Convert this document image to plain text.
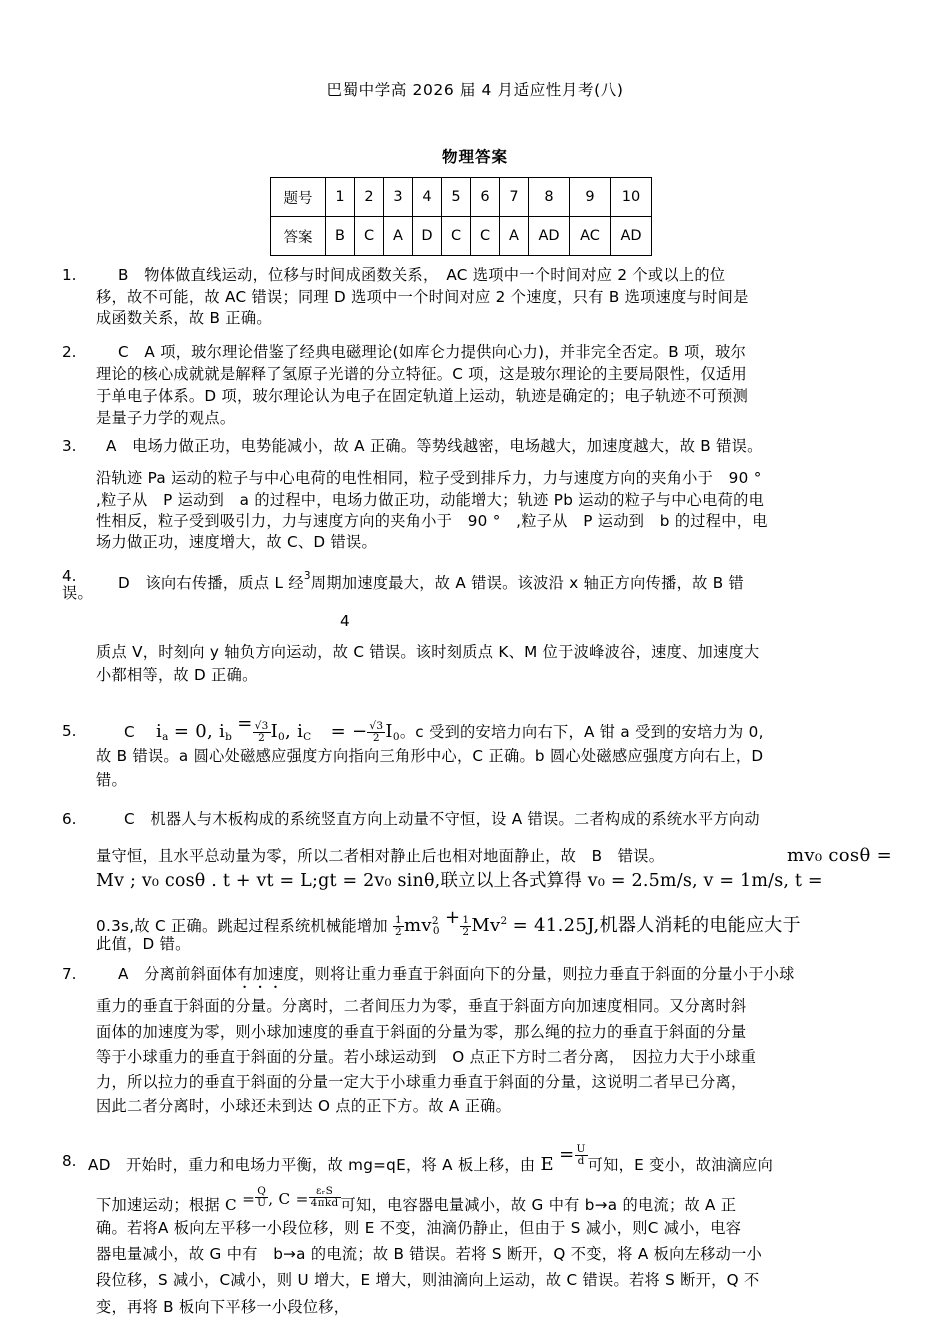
巴蜀中学高 2026 届 4 月适应性月考(八)
物理答案
题号	1	2	3	4	5	6	7	8	9	10
答案	B	C	A	D	C	C	A	AD	AC	AD
1.	B　物体做直线运动，位移与时间成函数关系，　AC 选项中一个时间对应 2 个或以上的位
移，故不可能，故 AC 错误；同理 D 选项中一个时间对应 2 个速度，只有 B 选项速度与时间是
成函数关系，故 B 正确。
2.	C　A 项，玻尔理论借鉴了经典电磁理论(如库仑力提供向心力)，并非完全否定。B 项，玻尔
理论的核心成就就是解释了氢原子光谱的分立特征。C 项，这是玻尔理论的主要局限性，仅适用
于单电子体系。D 项，玻尔理论认为电子在固定轨道上运动，轨迹是确定的；电子轨迹不可预测
是量子力学的观点。
3. A　电场力做正功，电势能减小，故 A 正确。等势线越密，电场越大，加速度越大，故 B 错误。
沿轨迹 Pa 运动的粒子与中心电荷的电性相同，粒子受到排斥力，力与速度方向的夹角小于　90 °
,粒子从　P 运动到　a 的过程中，电场力做正功，动能增大；轨迹 Pb 运动的粒子与中心电荷的电
性相反，粒子受到吸引力，力与速度方向的夹角小于　90 °　,粒子从　P 运动到　b 的过程中，电
场力做正功，速度增大，故 C、D 错误。
4.	D　该向右传播，质点 L 经$^3$周期加速度最大，故 A 错误。该波沿 x 轴正方向传播，故 B 错
误。
4
质点 V，时刻向 y 轴负方向运动，故 C 错误。该时刻质点 K、M 位于波峰波谷，速度、加速度大
小都相等，故 D 正确。
5.	C $i_a = 0$, $i_b = \frac{√3}{2} I_0$, $i_C$ = − $\frac{√3}{2} I_0$。c 受到的安培力向右下，A 钳 a 受到的安培力为 0,
故 B 错误。a 圆心处磁感应强度方向指向三角形中心，C 正确。b 圆心处磁感应强度方向右上，D
错。
6.	C　机器人与木板构成的系统竖直方向上动量不守恒，设 A 错误。二者构成的系统水平方向动
量守恒，且水平总动量为零，所以二者相对静止后也相对地面静止，故　B　错误。	mv₀ cosθ =
Mv ; v₀ cosθ . t + vt = L;gt = 2v₀ sinθ,联立以上各式算得 v₀ = 2.5m/s, v = 1m/s, t =
0.3s,故 C 正确。跳起过程系统机械能增加 $\frac{1}{2} mv^2_0 + \frac{1}{2} Mv^2 = 41.25J$,机器人消耗的电能应大于
此值，D 错。
7.	A　分离前斜面体有加速度，则将让重力垂直于斜面向下的分量，则拉力垂直于斜面的分量小于小球
重力的垂直于斜面的分量。分离时，二者间压力为零，垂直于斜面方向加速度相同。又分离时斜
面体的加速度为零，则小球加速度的垂直于斜面的分量为零，那么绳的拉力的垂直于斜面的分量
等于小球重力的垂直于斜面的分量。若小球运动到　O 点正下方时二者分离，　因拉力大于小球重
力，所以拉力的垂直于斜面的分量一定大于小球重力垂直于斜面的分量，这说明二者早已分离，
因此二者分离时，小球还未到达 O 点的正下方。故 A 正确。
8. AD　开始时，重力和电场力平衡，故 mg=qE，将 A 板上移，由 $E = \frac{U}{d}$ 可知，E 变小，故油滴应向
下加速运动；根据 $C = \frac{Q}{U}$ , $C = \frac{\text{εᵣS}}{\text{4πkd}}$ 可知，电容器电量减小，故 G 中有 b→a 的电流；故 A 正
确。若将A 板向左平移一小段位移，则 E 不变，油滴仍静止，但由于 S 减小，则C 减小，电容
器电量减小，故 G 中有　b→a 的电流；故 B 错误。若将 S 断开，Q 不变，将 A 板向左移动一小
段位移，S 减小，C减小，则 U 增大，E 增大，则油滴向上运动，故 C 错误。若将 S 断开，Q 不
变，再将 B 板向下平移一小段位移，
